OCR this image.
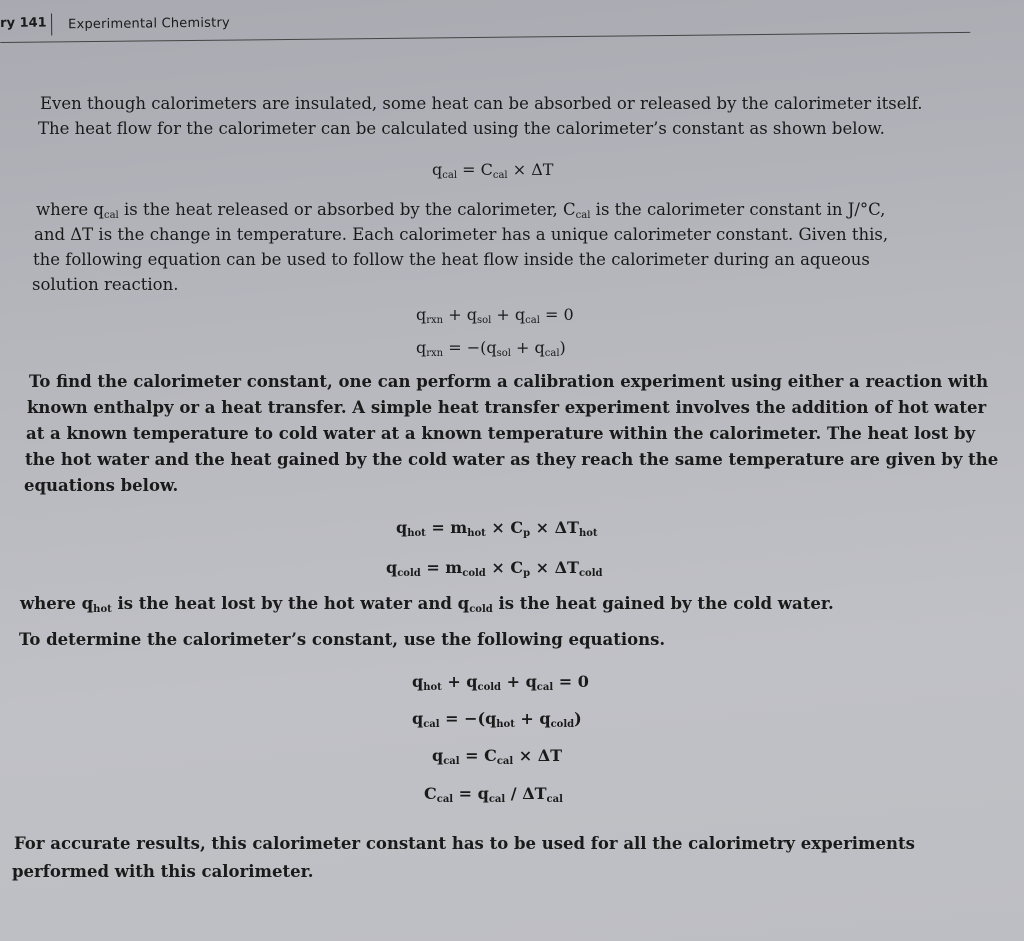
ry 141	Experimental Chemistry

Even though calorimeters are insulated, some heat can be absorbed or released by the calorimeter itself.

The heat flow for the calorimeter can be calculated using the calorimeter’s constant as shown below.

$q_{cal} = C_{cal} \times \Delta T$

where $q_{cal}$ is the heat released or absorbed by the calorimeter, $C_{cal}$ is the calorimeter constant in J/°C,

and ΔT is the change in temperature. Each calorimeter has a unique calorimeter constant. Given this,

the following equation can be used to follow the heat flow inside the calorimeter during an aqueous

solution reaction.

$q_{rxn} + q_{sol} + q_{cal} = 0$
$q_{rxn} = -(q_{sol} + q_{cal})$

To find the calorimeter constant, one can perform a calibration experiment using either a reaction with

known enthalpy or a heat transfer. A simple heat transfer experiment involves the addition of hot water

at a known temperature to cold water at a known temperature within the calorimeter. The heat lost by

the hot water and the heat gained by the cold water as they reach the same temperature are given by the

equations below.

$q_{hot} = m_{hot} \times C_p \times \Delta T_{hot}$
$q_{cold} = m_{cold} \times C_p \times \Delta T_{cold}$

where $q_{hot}$ is the heat lost by the hot water and $q_{cold}$ is the heat gained by the cold water.

To determine the calorimeter’s constant, use the following equations.

$q_{hot} + q_{cold} + q_{cal} = 0$
$q_{cal} = -(q_{hot} + q_{cold})$
$q_{cal} = C_{cal} \times \Delta T$
$C_{cal} = q_{cal} / \Delta T_{cal}$

For accurate results, this calorimeter constant has to be used for all the calorimetry experiments

performed with this calorimeter.
